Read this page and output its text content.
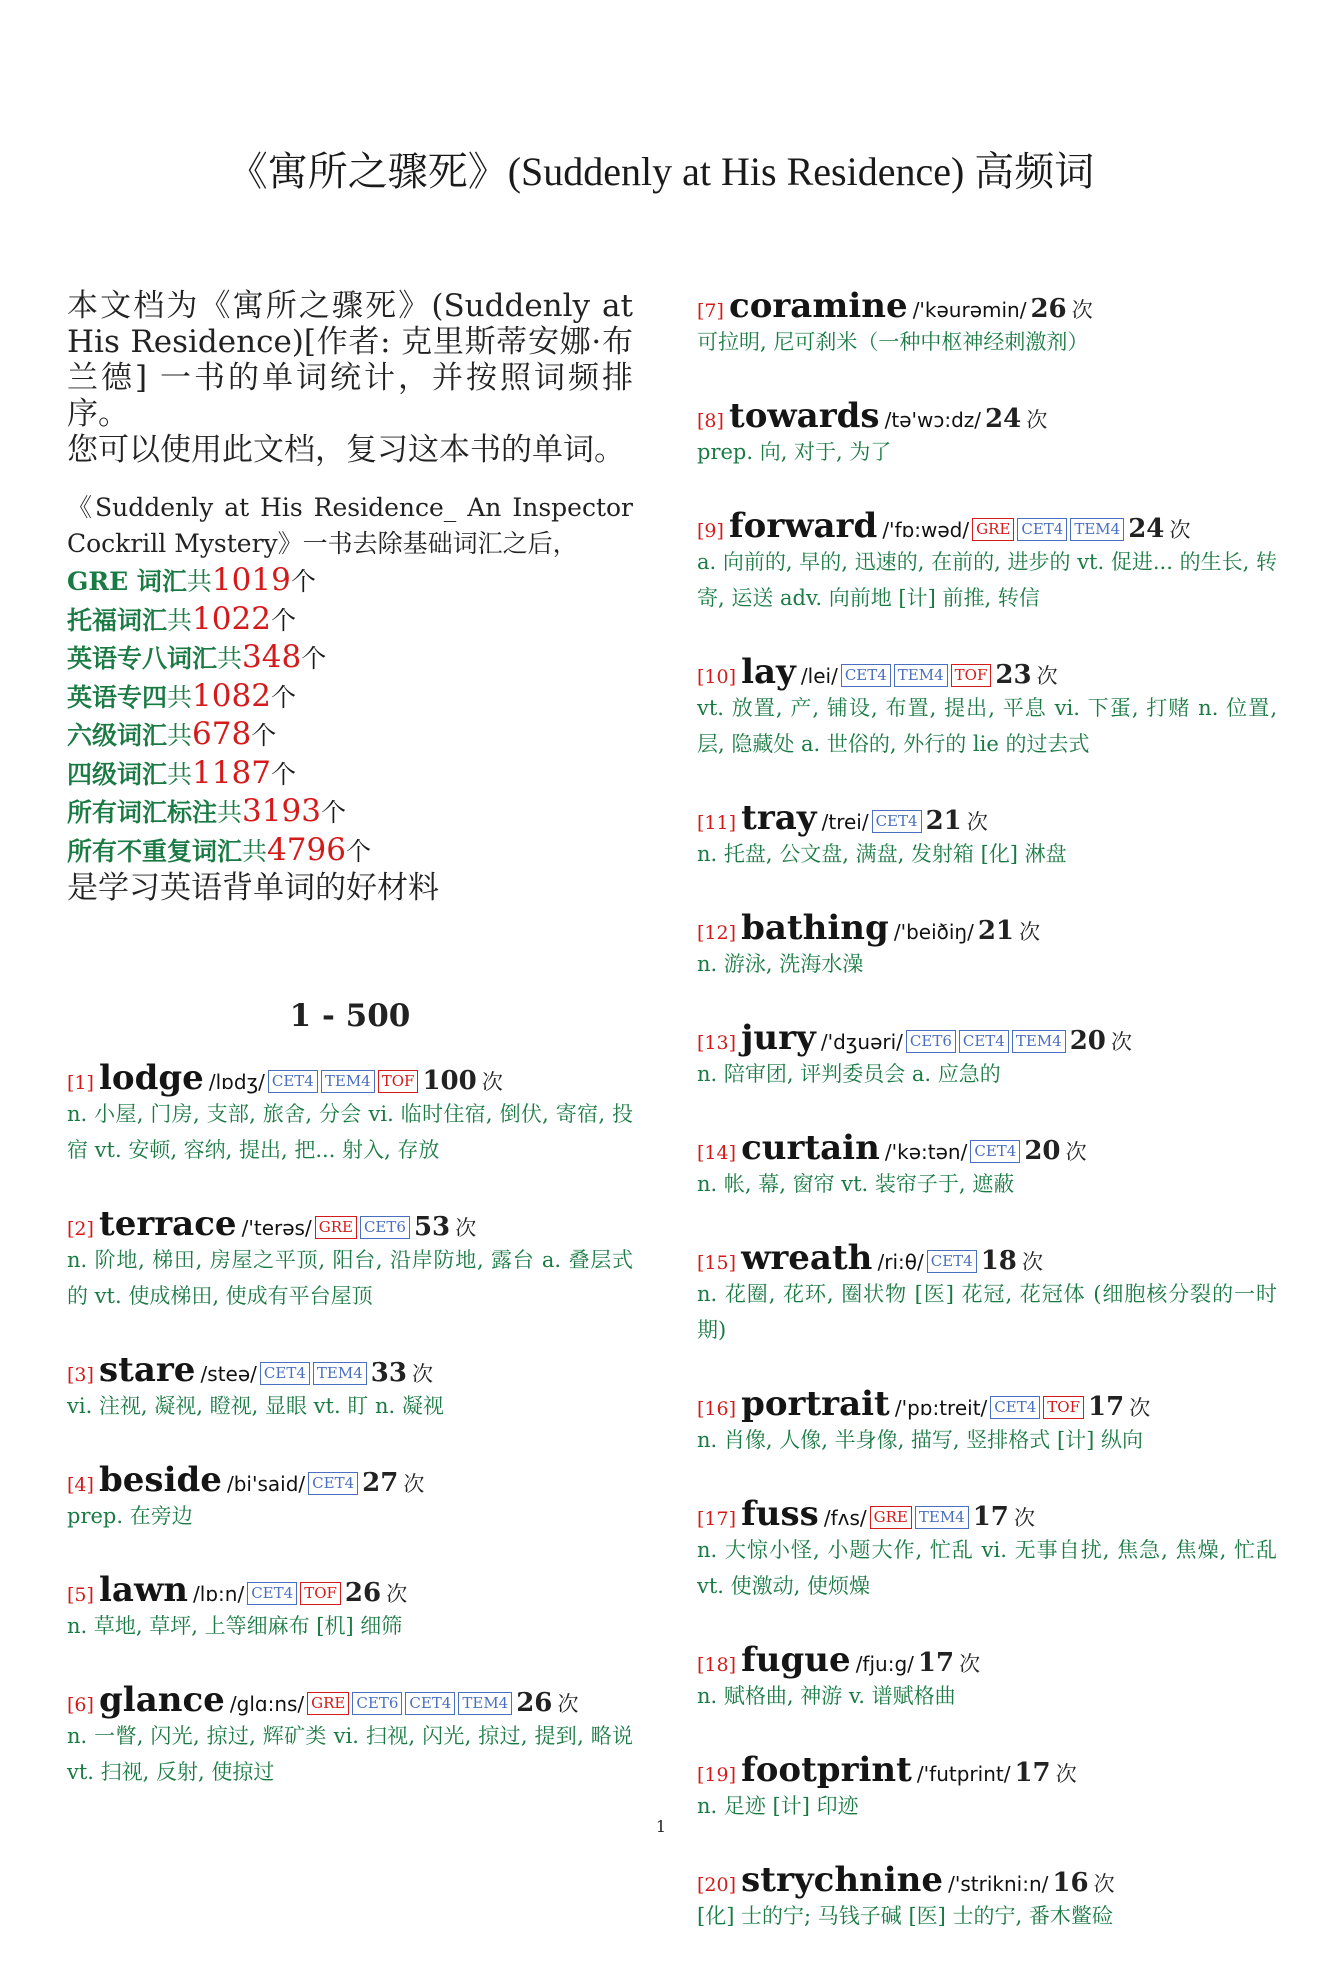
《寓所之骤死》(Suddenly at His Residence) 高频词

本文档为《寓所之骤死》(Suddenly at His Residence)[作者: 克里斯蒂安娜·布兰德] 一书的单词统计，并按照词频排序。

您可以使用此文档，复习这本书的单词。

《Suddenly at His Residence_ An Inspector Cockrill Mystery》一书去除基础词汇之后，
GRE 词汇共1019个
托福词汇共1022个
英语专八词汇共348个
英语专四共1082个
六级词汇共678个
四级词汇共1187个
所有词汇标注共3193个
所有不重复词汇共4796个
是学习英语背单词的好材料
1 - 500
[1] lodge /lɒdʒ/ CET4 TEM4 TOF 100 次

n. 小屋, 门房, 支部, 旅舍, 分会 vi. 临时住宿, 倒伏, 寄宿, 投宿 vt. 安顿, 容纳, 提出, 把... 射入, 存放

[2] terrace /'terəs/ GRE CET6 53 次

n. 阶地, 梯田, 房屋之平顶, 阳台, 沿岸防地, 露台 a. 叠层式的 vt. 使成梯田, 使成有平台屋顶

[3] stare /steə/ CET4 TEM4 33 次

vi. 注视, 凝视, 瞪视, 显眼 vt. 盯 n. 凝视

[4] beside /bi'said/ CET4 27 次

prep. 在旁边

[5] lawn /lɒ:n/ CET4 TOF 26 次

n. 草地, 草坪, 上等细麻布 [机] 细筛

[6] glance /glɑ:ns/ GRE CET6 CET4 TEM4 26 次

n. 一瞥, 闪光, 掠过, 辉矿类 vi. 扫视, 闪光, 掠过, 提到, 略说 vt. 扫视, 反射, 使掠过

[7] coramine /'kəurəmin/ 26 次

可拉明, 尼可刹米（一种中枢神经刺激剂）

[8] towards /tə'wɔ:dz/ 24 次

prep. 向, 对于, 为了

[9] forward /'fɒ:wəd/ GRE CET4 TEM4 24 次

a. 向前的, 早的, 迅速的, 在前的, 进步的 vt. 促进... 的生长, 转寄, 运送 adv. 向前地 [计] 前推, 转信

[10] lay /lei/ CET4 TEM4 TOF 23 次

vt. 放置, 产, 铺设, 布置, 提出, 平息 vi. 下蛋, 打赌 n. 位置, 层, 隐藏处 a. 世俗的, 外行的 lie 的过去式

[11] tray /trei/ CET4 21 次

n. 托盘, 公文盘, 满盘, 发射箱 [化] 淋盘

[12] bathing /'beiðiŋ/ 21 次

n. 游泳, 洗海水澡

[13] jury /'dʒuəri/ CET6 CET4 TEM4 20 次

n. 陪审团, 评判委员会 a. 应急的

[14] curtain /'kə:tən/ CET4 20 次

n. 帐, 幕, 窗帘 vt. 装帘子于, 遮蔽

[15] wreath /ri:θ/ CET4 18 次

n. 花圈, 花环, 圈状物 [医] 花冠, 花冠体 (细胞核分裂的一时期)

[16] portrait /'pɒ:treit/ CET4 TOF 17 次

n. 肖像, 人像, 半身像, 描写, 竖排格式 [计] 纵向

[17] fuss /fʌs/ GRE TEM4 17 次

n. 大惊小怪, 小题大作, 忙乱 vi. 无事自扰, 焦急, 焦燥, 忙乱 vt. 使激动, 使烦燥

[18] fugue /fju:g/ 17 次

n. 赋格曲, 神游 v. 谱赋格曲

[19] footprint /'futprint/ 17 次

n. 足迹 [计] 印迹

[20] strychnine /'strikni:n/ 16 次

[化] 士的宁; 马钱子碱 [医] 士的宁, 番木鳖硷

1
